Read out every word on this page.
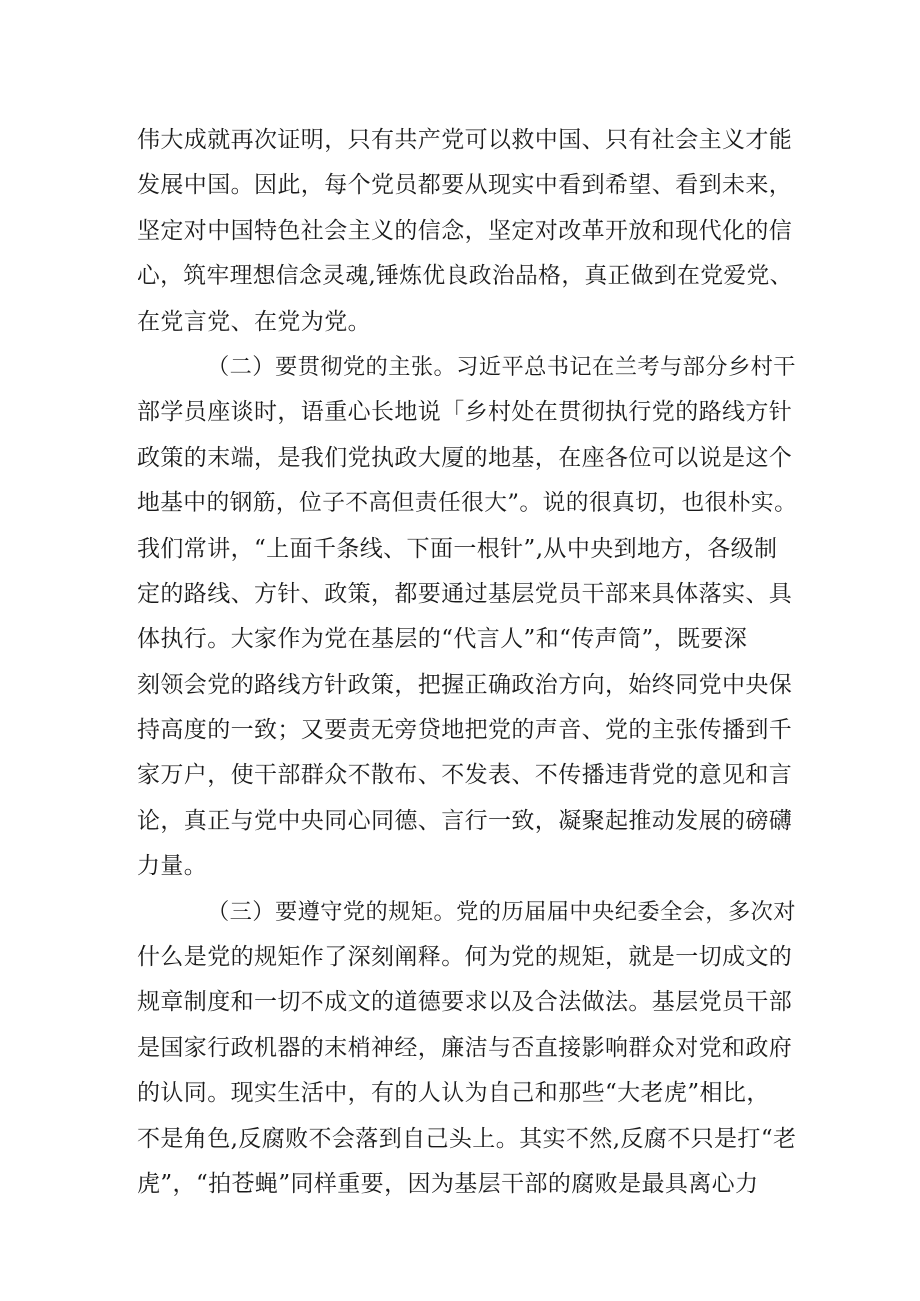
伟大成就再次证明，只有共产党可以救中国、只有社会主义才能
发展中国。因此，每个党员都要从现实中看到希望、看到未来，
坚定对中国特色社会主义的信念，坚定对改革开放和现代化的信
心，筑牢理想信念灵魂,锤炼优良政治品格，真正做到在党爱党、
在党言党、在党为党。
（二）要贯彻党的主张。习近平总书记在兰考与部分乡村干
部学员座谈时，语重心长地说「乡村处在贯彻执行党的路线方针
政策的末端，是我们党执政大厦的地基，在座各位可以说是这个
地基中的钢筋，位子不高但责任很大”。说的很真切，也很朴实。
我们常讲，“上面千条线、下面一根针”,从中央到地方，各级制
定的路线、方针、政策，都要通过基层党员干部来具体落实、具
体执行。大家作为党在基层的“代言人”和“传声筒”，既要深
刻领会党的路线方针政策，把握正确政治方向，始终同党中央保
持高度的一致；又要责无旁贷地把党的声音、党的主张传播到千
家万户，使干部群众不散布、不发表、不传播违背党的意见和言
论，真正与党中央同心同德、言行一致，凝聚起推动发展的磅礴
力量。
（三）要遵守党的规矩。党的历届届中央纪委全会，多次对
什么是党的规矩作了深刻阐释。何为党的规矩，就是一切成文的
规章制度和一切不成文的道德要求以及合法做法。基层党员干部
是国家行政机器的末梢神经，廉洁与否直接影响群众对党和政府
的认同。现实生活中，有的人认为自己和那些“大老虎”相比，
不是角色,反腐败不会落到自己头上。其实不然,反腐不只是打“老
虎”，“拍苍蝇”同样重要，因为基层干部的腐败是最具离心力
